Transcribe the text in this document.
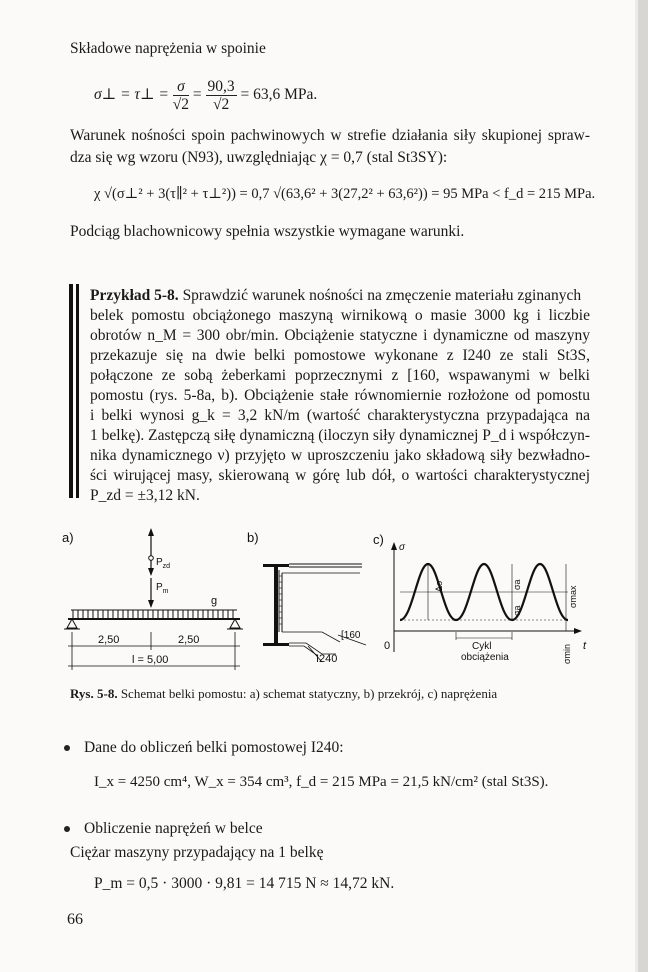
Składowe naprężenia w spoinie
σ⊥ = τ⊥ = $\frac{\sigma}{√2} = \frac{90,3}{√2} = 63,6$ MPa.
Warunek nośności spoin pachwinowych w strefie działania siły skupionej spraw-
dza się wg wzoru (N93), uwzględniając χ = 0,7 (stal St3SY):
χ √(σ⊥² + 3(τ∥² + τ⊥²)) = 0,7 √(63,6² + 3(27,2² + 63,6²)) = 95 MPa < f_d = 215 MPa.
Podciąg blachownicowy spełnia wszystkie wymagane warunki.
Przykład 5-8. Sprawdzić warunek nośności na zmęczenie materiału zginanych
belek pomostu obciążonego maszyną wirnikową o masie 3000 kg i liczbie
obrotów n_M = 300 obr/min. Obciążenie statyczne i dynamiczne od maszyny
przekazuje się na dwie belki pomostowe wykonane z I240 ze stali St3S,
połączone ze sobą żeberkami poprzecznymi z [160, wspawanymi w belki
pomostu (rys. 5-8a, b). Obciążenie stałe równomiernie rozłożone od pomostu
i belki wynosi g_k = 3,2 kN/m (wartość charakterystyczna przypadająca na
1 belkę). Zastępczą siłę dynamiczną (iloczyn siły dynamicznej P_d i współczyn-
nika dynamicznego ν) przyjęto w uproszczeniu jako składową siły bezwładno-
ści wirującej masy, skierowaną w górę lub dół, o wartości charakterystycznej
P_zd = ±3,12 kN.
a)
$P_{zd}$
$P_m$
g
2,50	2,50
l = 5,00
b)
[160
I240
c)
σ
t
0
Δσ	σa
σa
σmax
σmin
Cykl
obciążenia
Rys. 5-8. Schemat belki pomostu: a) schemat statyczny, b) przekrój, c) naprężenia
Dane do obliczeń belki pomostowej I240:
I_x = 4250 cm⁴, W_x = 354 cm³, f_d = 215 MPa = 21,5 kN/cm² (stal St3S).
Obliczenie naprężeń w belce
Ciężar maszyny przypadający na 1 belkę
P_m = 0,5 · 3000 · 9,81 = 14 715 N ≈ 14,72 kN.
66
